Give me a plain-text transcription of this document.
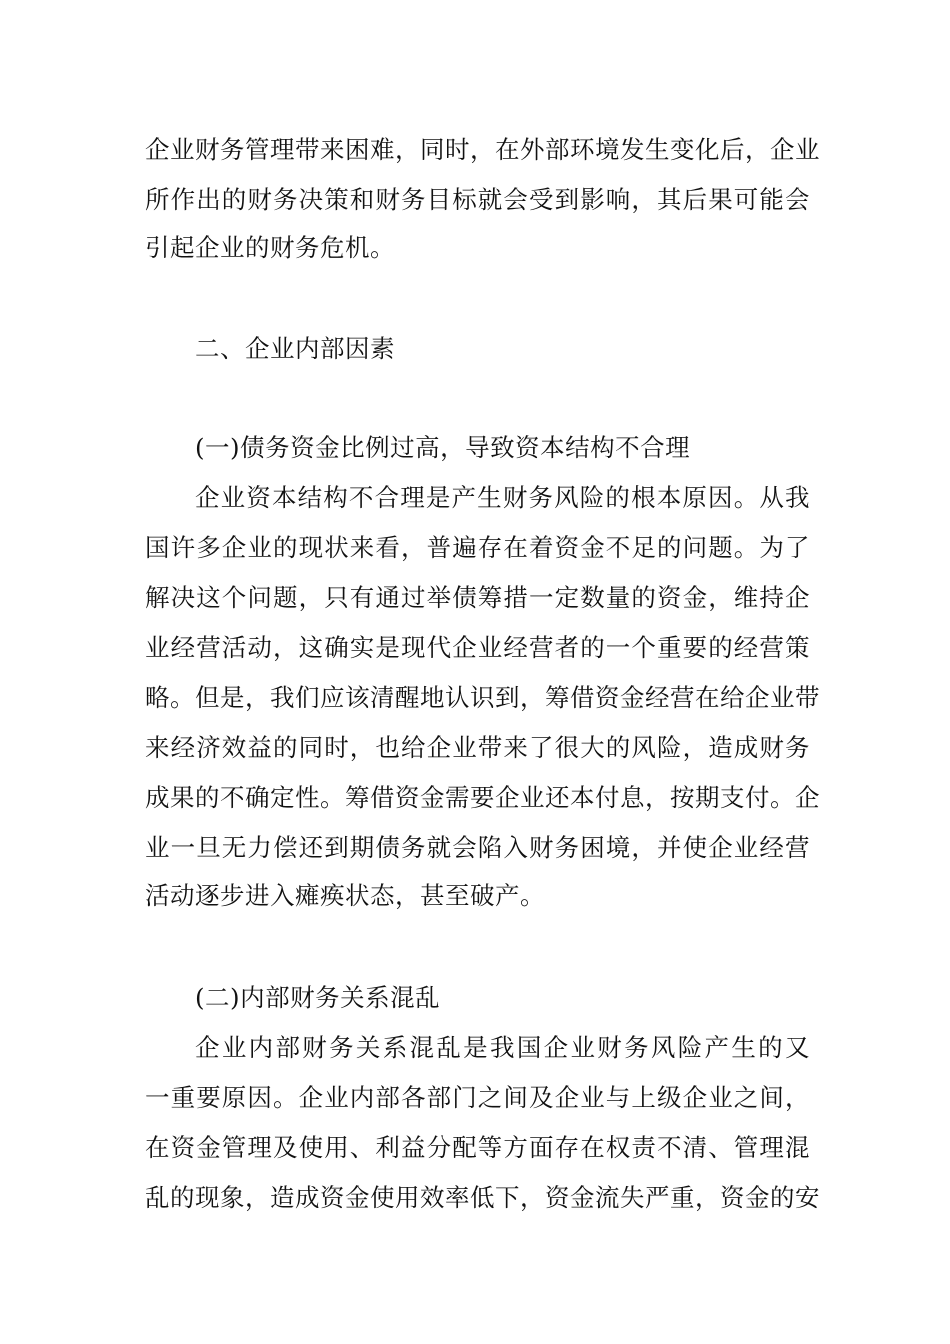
企业财务管理带来困难，同时，在外部环境发生变化后，企业
所作出的财务决策和财务目标就会受到影响，其后果可能会
引起企业的财务危机。
二、企业内部因素
(一)债务资金比例过高，导致资本结构不合理
企业资本结构不合理是产生财务风险的根本原因。从我
国许多企业的现状来看，普遍存在着资金不足的问题。为了
解决这个问题，只有通过举债筹措一定数量的资金，维持企
业经营活动，这确实是现代企业经营者的一个重要的经营策
略。但是，我们应该清醒地认识到，筹借资金经营在给企业带
来经济效益的同时，也给企业带来了很大的风险，造成财务
成果的不确定性。筹借资金需要企业还本付息，按期支付。企
业一旦无力偿还到期债务就会陷入财务困境，并使企业经营
活动逐步进入瘫痪状态，甚至破产。
(二)内部财务关系混乱
企业内部财务关系混乱是我国企业财务风险产生的又
一重要原因。企业内部各部门之间及企业与上级企业之间，
在资金管理及使用、利益分配等方面存在权责不清、管理混
乱的现象，造成资金使用效率低下，资金流失严重，资金的安
